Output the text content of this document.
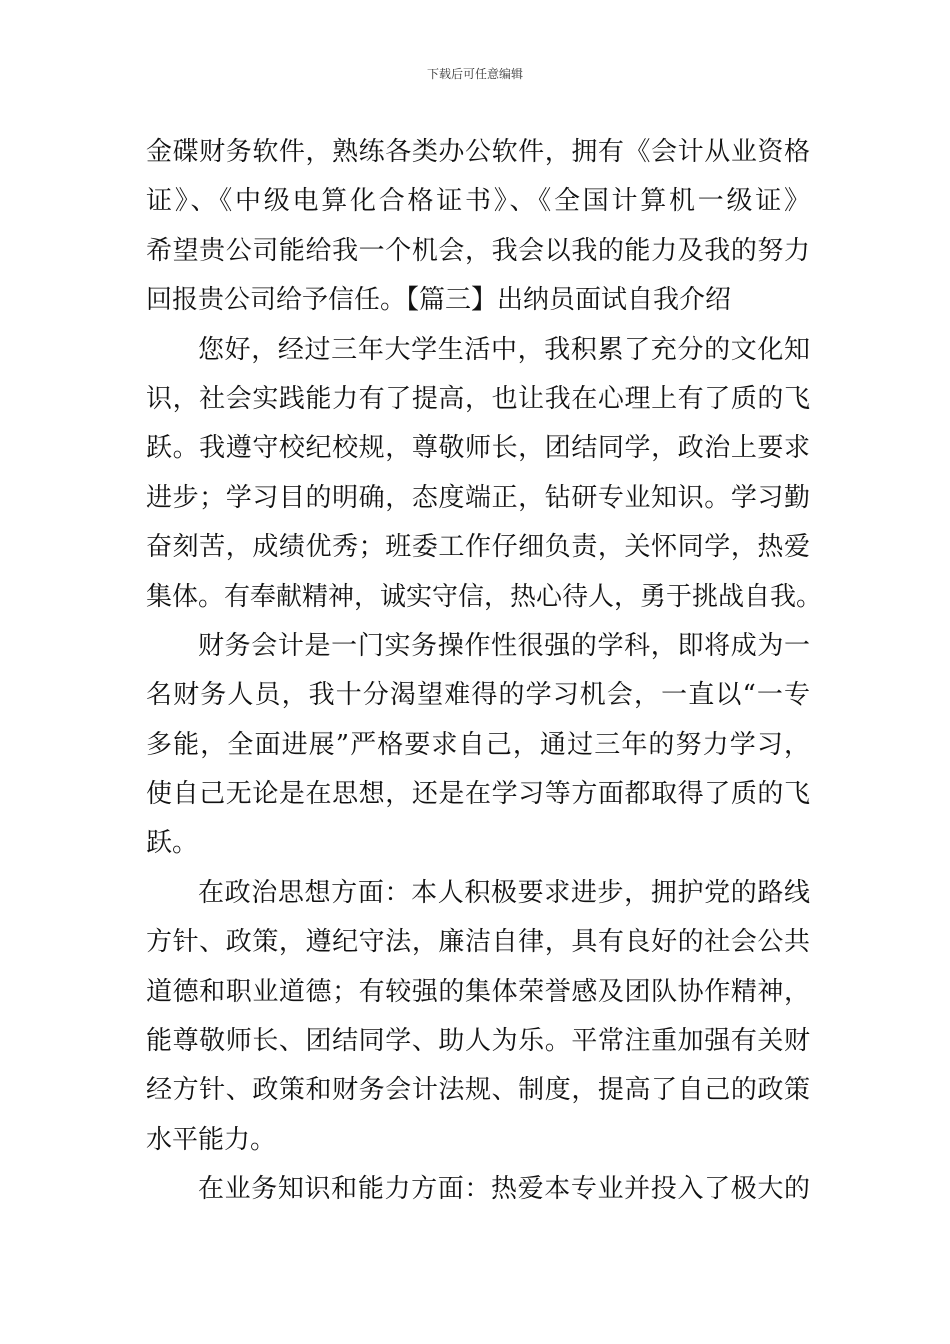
下载后可任意编辑
金碟财务软件，熟练各类办公软件，拥有《会计从业资格
证》、《中级电算化合格证书》、《全国计算机一级证》
希望贵公司能给我一个机会，我会以我的能力及我的努力
回报贵公司给予信任。【篇三】出纳员面试自我介绍
您好，经过三年大学生活中，我积累了充分的文化知
识，社会实践能力有了提高，也让我在心理上有了质的飞
跃。我遵守校纪校规，尊敬师长，团结同学，政治上要求
进步；学习目的明确，态度端正，钻研专业知识。学习勤
奋刻苦，成绩优秀；班委工作仔细负责，关怀同学，热爱
集体。有奉献精神，诚实守信，热心待人，勇于挑战自我。
财务会计是一门实务操作性很强的学科，即将成为一
名财务人员，我十分渴望难得的学习机会，一直以“一专
多能，全面进展”严格要求自己，通过三年的努力学习，
使自己无论是在思想，还是在学习等方面都取得了质的飞
跃。
在政治思想方面：本人积极要求进步，拥护党的路线
方针、政策，遵纪守法，廉洁自律，具有良好的社会公共
道德和职业道德；有较强的集体荣誉感及团队协作精神，
能尊敬师长、团结同学、助人为乐。平常注重加强有关财
经方针、政策和财务会计法规、制度，提高了自己的政策
水平能力。
在业务知识和能力方面：热爱本专业并投入了极大的
